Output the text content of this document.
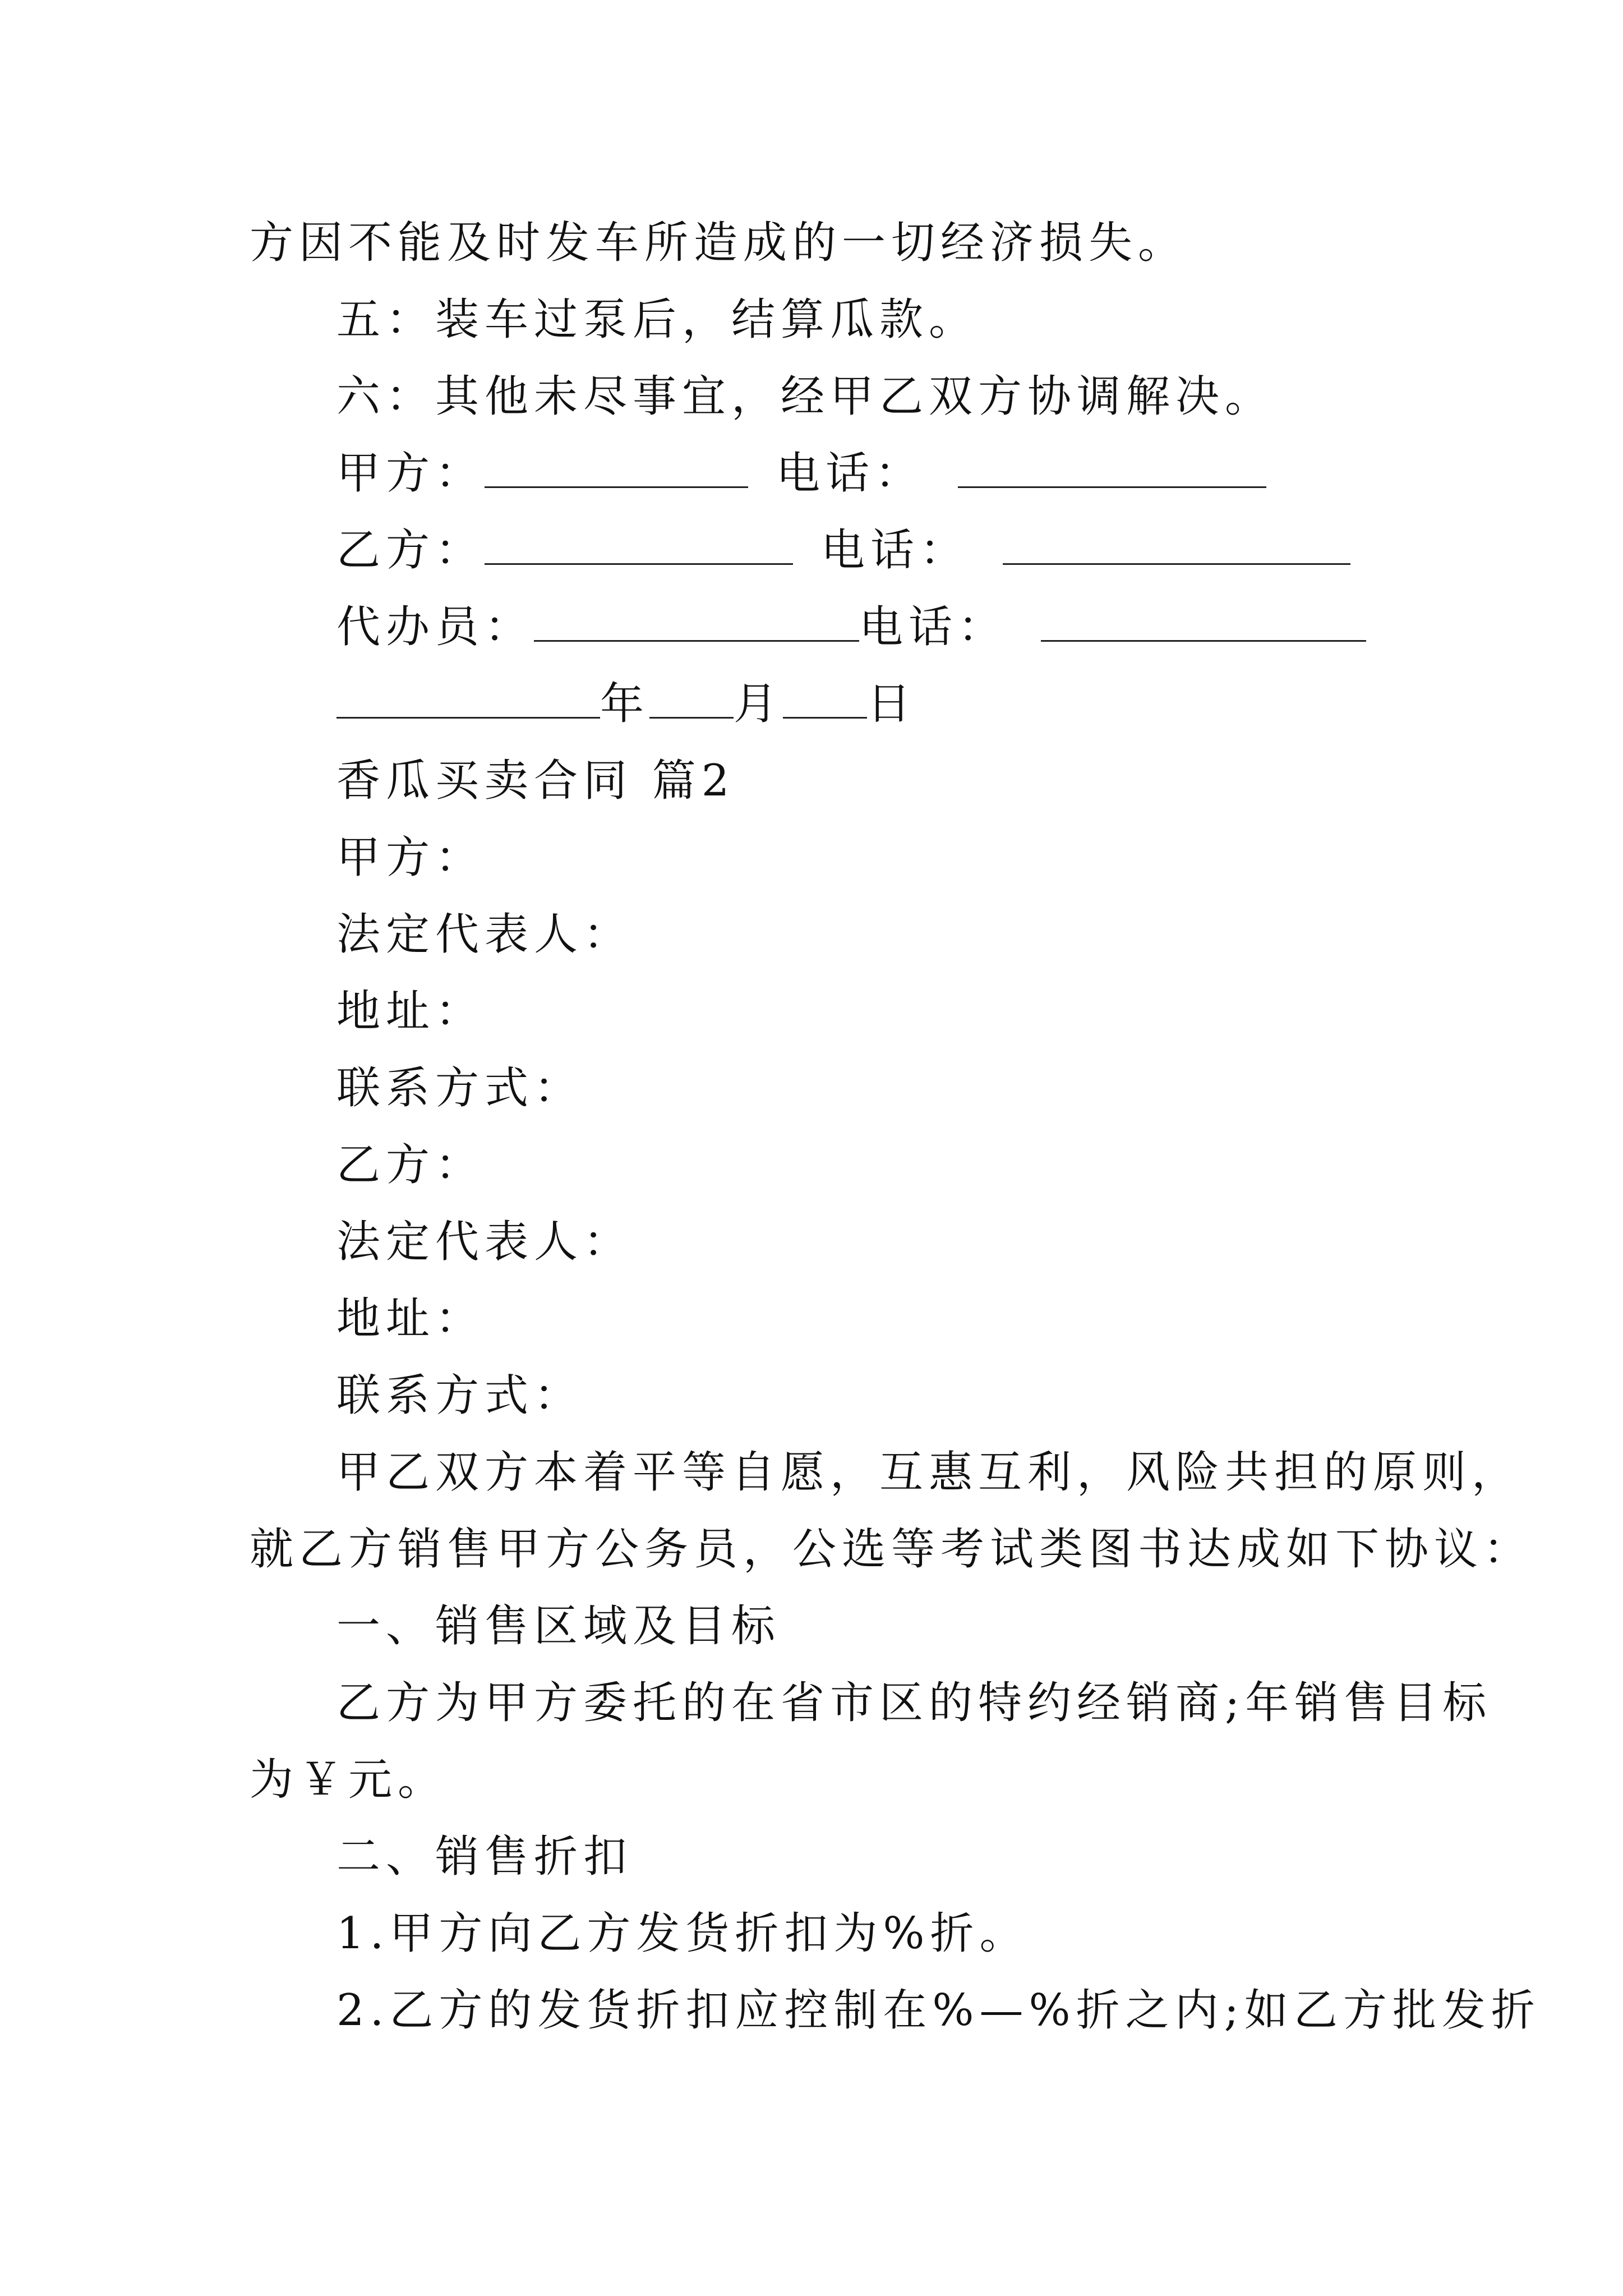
方因不能及时发车所造成的一切经济损失。
五：装车过泵后，结算瓜款。
六：其他未尽事宜，经甲乙双方协调解决。
甲方：	电话：
乙方：	电话：
代办员：	电话：
年 月 日
香瓜买卖合同 篇2
甲方：
法定代表人：
地址：
联系方式：
乙方：
法定代表人：
地址：
联系方式：
甲乙双方本着平等自愿，互惠互利，风险共担的原则，
就乙方销售甲方公务员，公选等考试类图书达成如下协议：
一、销售区域及目标
乙方为甲方委托的在省市区的特约经销商;年销售目标
为￥元。
二、销售折扣
1.甲方向乙方发货折扣为%折。
2.乙方的发货折扣应控制在%—%折之内;如乙方批发折
